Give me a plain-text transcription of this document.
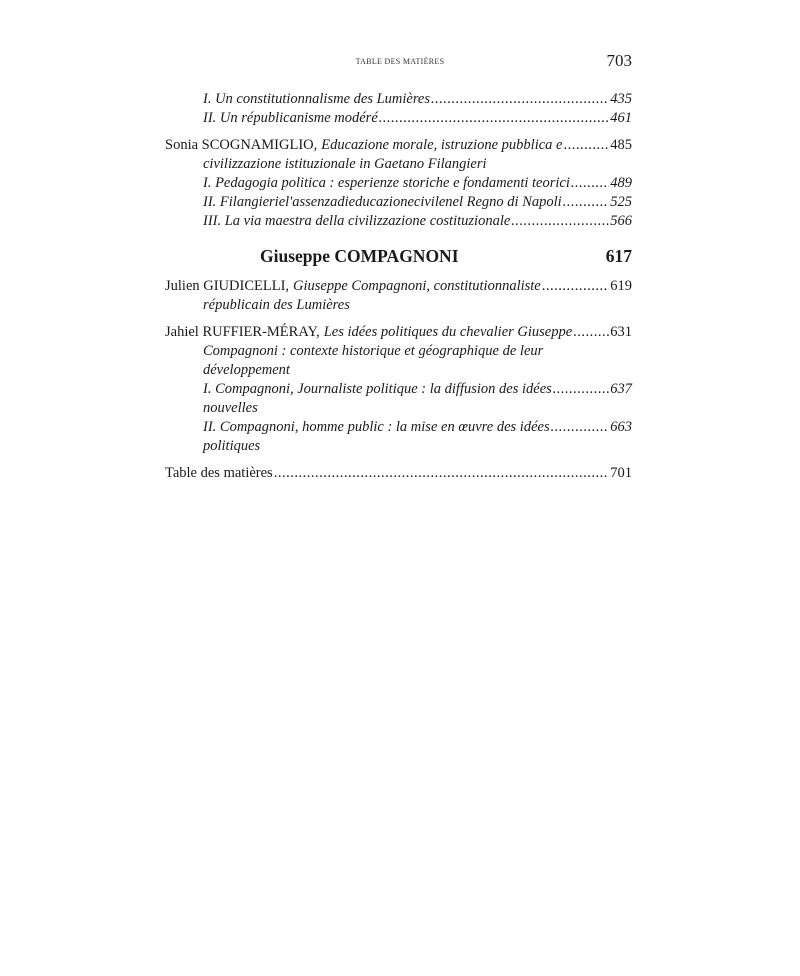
TABLE DES MATIÈRES	703
I. Un constitutionnalisme des Lumières .....	435
II. Un républicanisme modéré .....	461
Sonia SCOGNAMIGLIO, Educazione morale, istruzione pubblica e .....	485
civilizzazione istituzionale in Gaetano Filangieri
I. Pedagogia politica : esperienze storiche e fondamenti teorici .....	489
II. Filangieriel'assenzadieducazionecivilenel Regno di Napoli .....	525
III. La via maestra della civilizzazione costituzionale .....	566
Giuseppe COMPAGNONI	617
Julien GIUDICELLI, Giuseppe Compagnoni, constitutionnaliste .....	619
républicain des Lumières
Jahiel RUFFIER-MÉRAY, Les idées politiques du chevalier Giuseppe .....	631
Compagnoni : contexte historique et géographique de leur
développement
I. Compagnoni, Journaliste politique : la diffusion des idées .....	637
nouvelles
II. Compagnoni, homme public : la mise en œuvre des idées .....	663
politiques
Table des matières .....	701
